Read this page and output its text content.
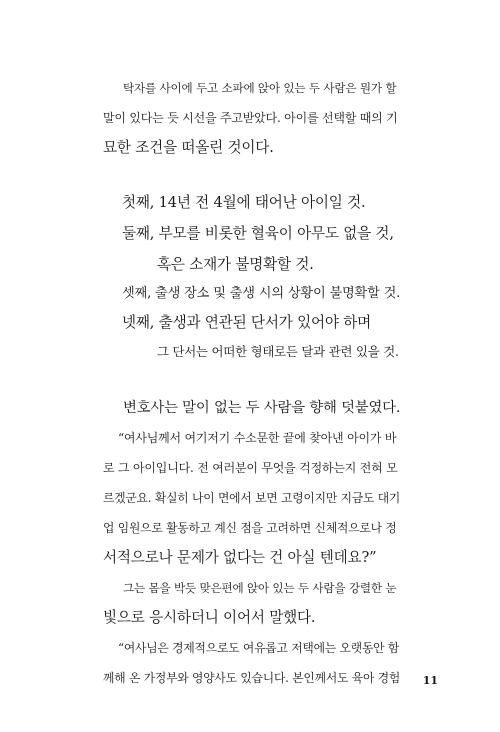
탁자를 사이에 두고 소파에 앉아 있는 두 사람은 뭔가 할
말이 있다는 듯 시선을 주고받았다. 아이를 선택할 때의 기
묘한 조건을 떠올린 것이다.
첫째, 14년 전 4월에 태어난 아이일 것.
둘째, 부모를 비롯한 혈육이 아무도 없을 것,
혹은 소재가 불명확할 것.
셋째, 출생 장소 및 출생 시의 상황이 불명확할 것.
넷째, 출생과 연관된 단서가 있어야 하며
그 단서는 어떠한 형태로든 달과 관련 있을 것.
변호사는 말이 없는 두 사람을 향해 덧붙였다.
“여사님께서 여기저기 수소문한 끝에 찾아낸 아이가 바
로 그 아이입니다. 전 여러분이 무엇을 걱정하는지 전혀 모
르겠군요. 확실히 나이 면에서 보면 고령이지만 지금도 대기
업 임원으로 활동하고 계신 점을 고려하면 신체적으로나 정
서적으로나 문제가 없다는 건 아실 텐데요?”
그는 몸을 박듯 맞은편에 앉아 있는 두 사람을 강렬한 눈
빛으로 응시하더니 이어서 말했다.
“여사님은 경제적으로도 여유롭고 저택에는 오랫동안 함
께해 온 가정부와 영양사도 있습니다. 본인께서도 육아 경험	11
